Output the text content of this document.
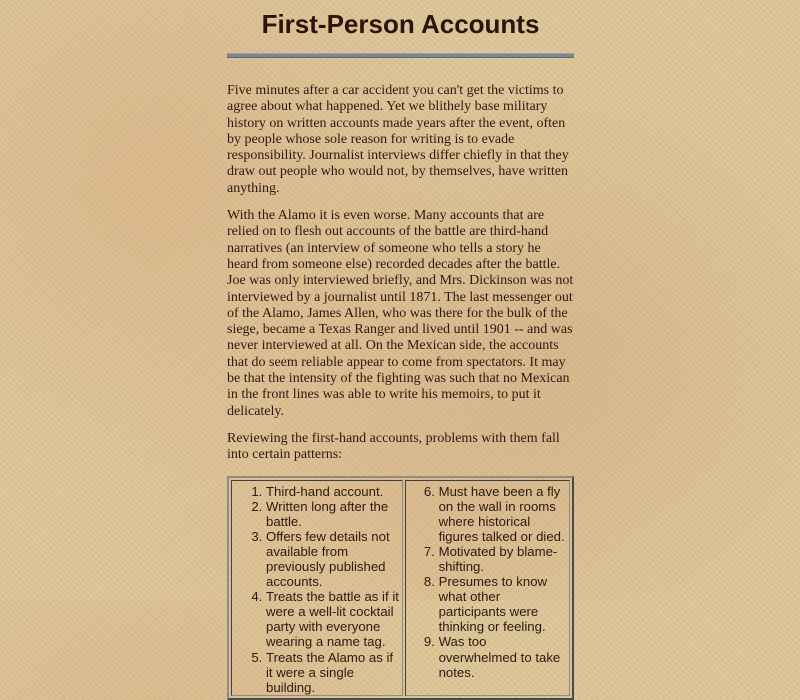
First-Person Accounts

Five minutes after a car accident you can't get the victims to agree about what happened. Yet we blithely base military history on written accounts made years after the event, often by people whose sole reason for writing is to evade responsibility. Journalist interviews differ chiefly in that they draw out people who would not, by themselves, have written anything.

With the Alamo it is even worse. Many accounts that are relied on to flesh out accounts of the battle are third-hand narratives (an interview of someone who tells a story he heard from someone else) recorded decades after the battle. Joe was only interviewed briefly, and Mrs. Dickinson was not interviewed by a journalist until 1871. The last messenger out of the Alamo, James Allen, who was there for the bulk of the siege, became a Texas Ranger and lived until 1901 -- and was never interviewed at all. On the Mexican side, the accounts that do seem reliable appear to come from spectators. It may be that the intensity of the fighting was such that no Mexican in the front lines was able to write his memoirs, to put it delicately.

Reviewing the first-hand accounts, problems with them fall into certain patterns:

1. Third-hand account.
2. Written long after the battle.
3. Offers few details not available from previously published accounts.
4. Treats the battle as if it were a well-lit cocktail party with everyone wearing a name tag.
5. Treats the Alamo as if it were a single building.

6. Must have been a fly on the wall in rooms where historical figures talked or died.
7. Motivated by blame-shifting.
8. Presumes to know what other participants were thinking or feeling.
9. Was too overwhelmed to take notes.
